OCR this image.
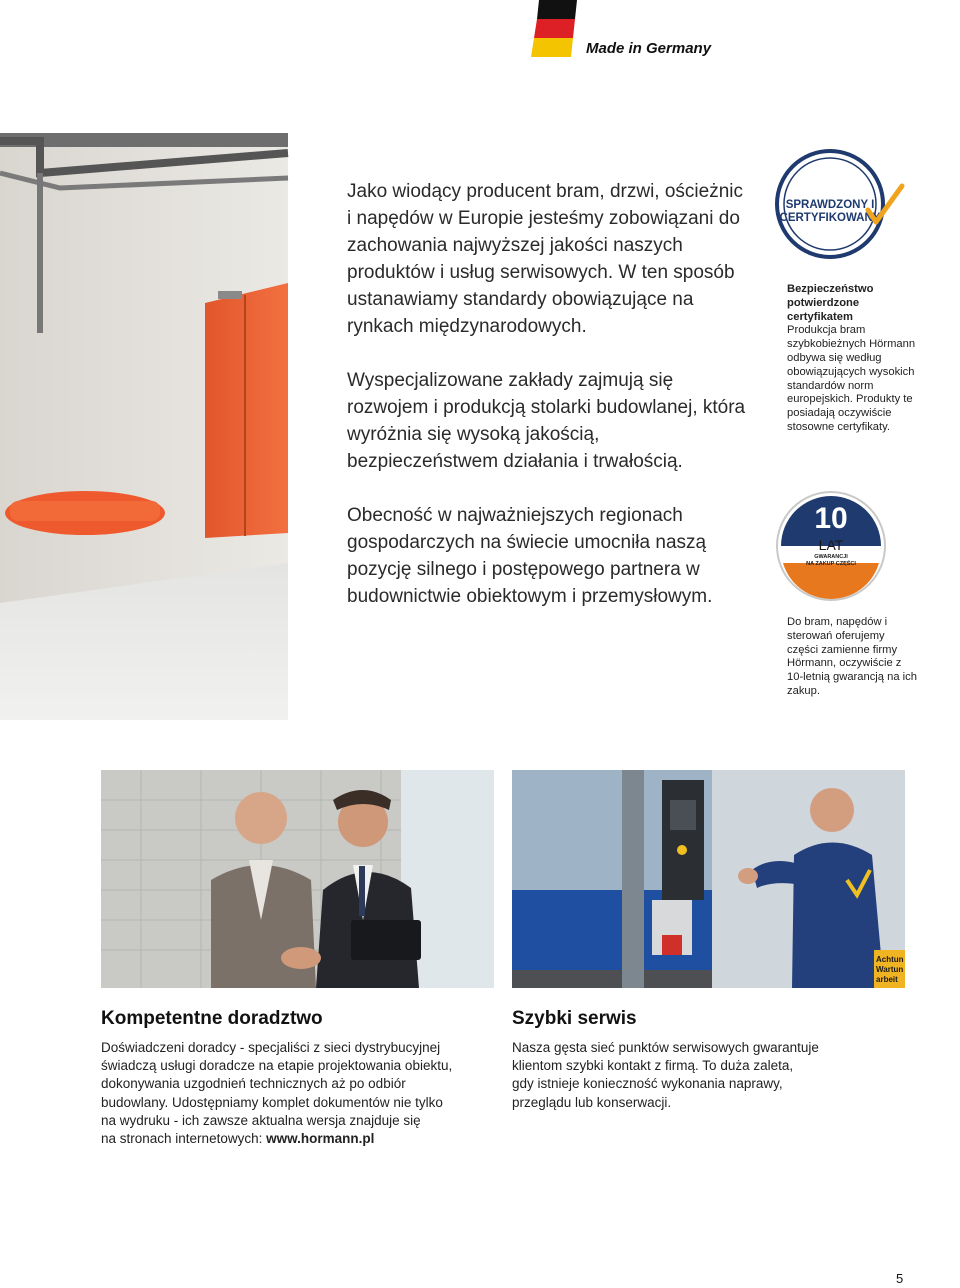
Made in Germany

Jako wiodący producent bram, drzwi, ościeżnic i napędów w Europie jesteśmy zobowiązani do zachowania najwyższej jakości naszych produktów i usług serwisowych. W ten sposób ustanawiamy standardy obowiązujące na rynkach międzynarodowych.

Wyspecjalizowane zakłady zajmują się rozwojem i produkcją stolarki budowlanej, która wyróżnia się wysoką jakością, bezpieczeństwem działania i trwałością.

Obecność w najważniejszych regionach gospodarczych na świecie umocniła naszą pozycję silnego i postępowego partnera w budownictwie obiektowym i przemysłowym.

SPRAWDZONY I
CERTYFIKOWANY
Bezpieczeństwo potwierdzone certyfikatem
Produkcja bram szybkobieżnych Hörmann odbywa się według obowiązujących wysokich standardów norm europejskich. Produkty te posiadają oczywiście stosowne certyfikaty.
10
LAT
GWARANCJI
NA ZAKUP CZĘŚCI
Do bram, napędów i sterowań oferujemy części zamienne firmy Hörmann, oczywiście z 10-letnią gwarancją na ich zakup.
Achtun
Wartun
arbeit
Kompetentne doradztwo
Doświadczeni doradcy - specjaliści z sieci dystrybucyjnej
świadczą usługi doradcze na etapie projektowania obiektu,
dokonywania uzgodnień technicznych aż po odbiór
budowlany. Udostępniamy komplet dokumentów nie tylko
na wydruku - ich zawsze aktualna wersja znajduje się
na stronach internetowych: www.hormann.pl
Szybki serwis
Nasza gęsta sieć punktów serwisowych gwarantuje
klientom szybki kontakt z firmą. To duża zaleta,
gdy istnieje konieczność wykonania naprawy,
przeglądu lub konserwacji.
5
